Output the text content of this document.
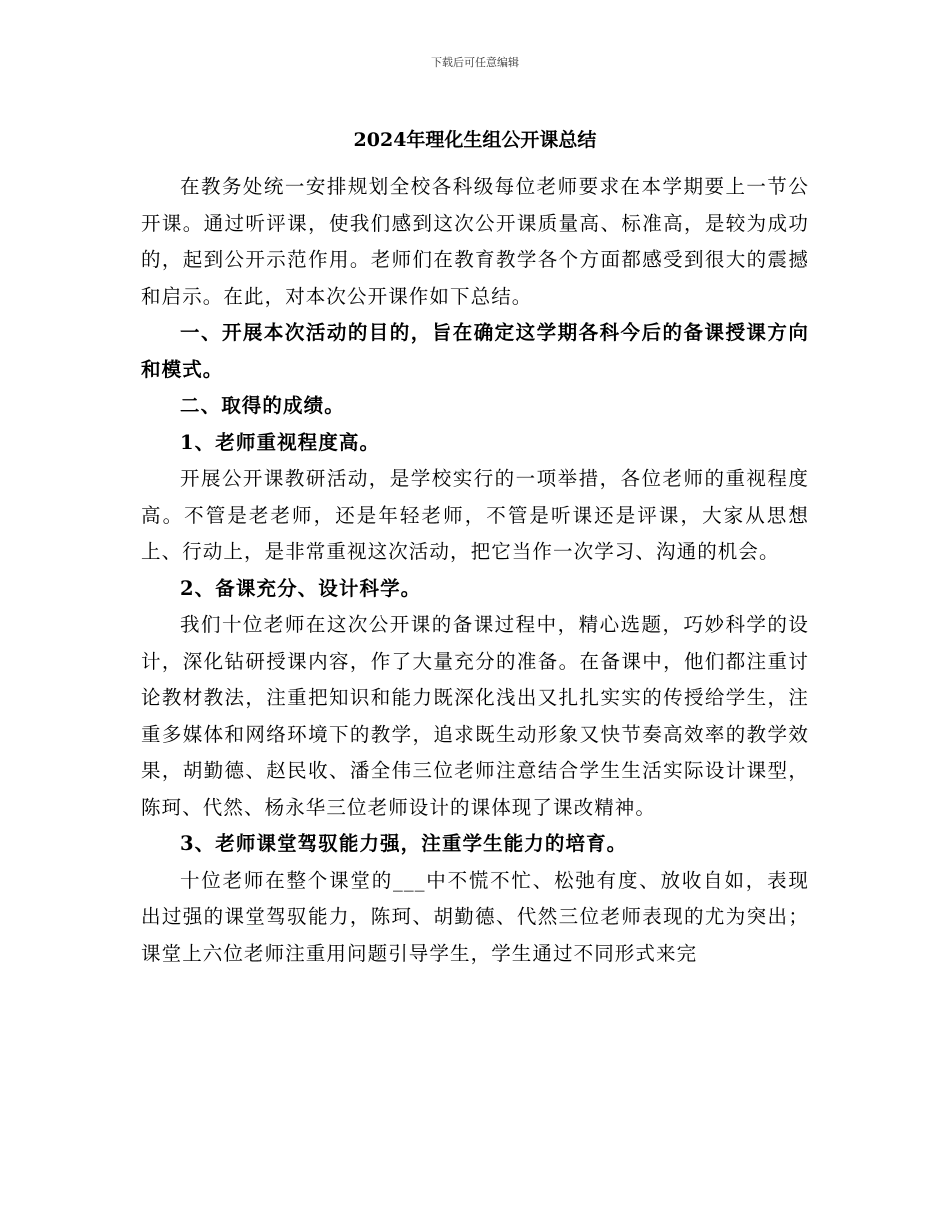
下载后可任意编辑
2024年理化生组公开课总结

在教务处统一安排规划全校各科级每位老师要求在本学期要上一节公开课。通过听评课，使我们感到这次公开课质量高、标准高，是较为成功的，起到公开示范作用。老师们在教育教学各个方面都感受到很大的震撼和启示。在此，对本次公开课作如下总结。

一、开展本次活动的目的，旨在确定这学期各科今后的备课授课方向和模式。

二、取得的成绩。

1、老师重视程度高。

开展公开课教研活动，是学校实行的一项举措，各位老师的重视程度高。不管是老老师，还是年轻老师，不管是听课还是评课，大家从思想上、行动上，是非常重视这次活动，把它当作一次学习、沟通的机会。

2、备课充分、设计科学。

我们十位老师在这次公开课的备课过程中，精心选题，巧妙科学的设计，深化钻研授课内容，作了大量充分的准备。在备课中，他们都注重讨论教材教法，注重把知识和能力既深化浅出又扎扎实实的传授给学生，注重多媒体和网络环境下的教学，追求既生动形象又快节奏高效率的教学效果，胡勤德、赵民收、潘全伟三位老师注意结合学生生活实际设计课型，陈珂、代然、杨永华三位老师设计的课体现了课改精神。

3、老师课堂驾驭能力强，注重学生能力的培育。

十位老师在整个课堂的___中不慌不忙、松弛有度、放收自如，表现出过强的课堂驾驭能力，陈珂、胡勤德、代然三位老师表现的尤为突出；课堂上六位老师注重用问题引导学生，学生通过不同形式来完
